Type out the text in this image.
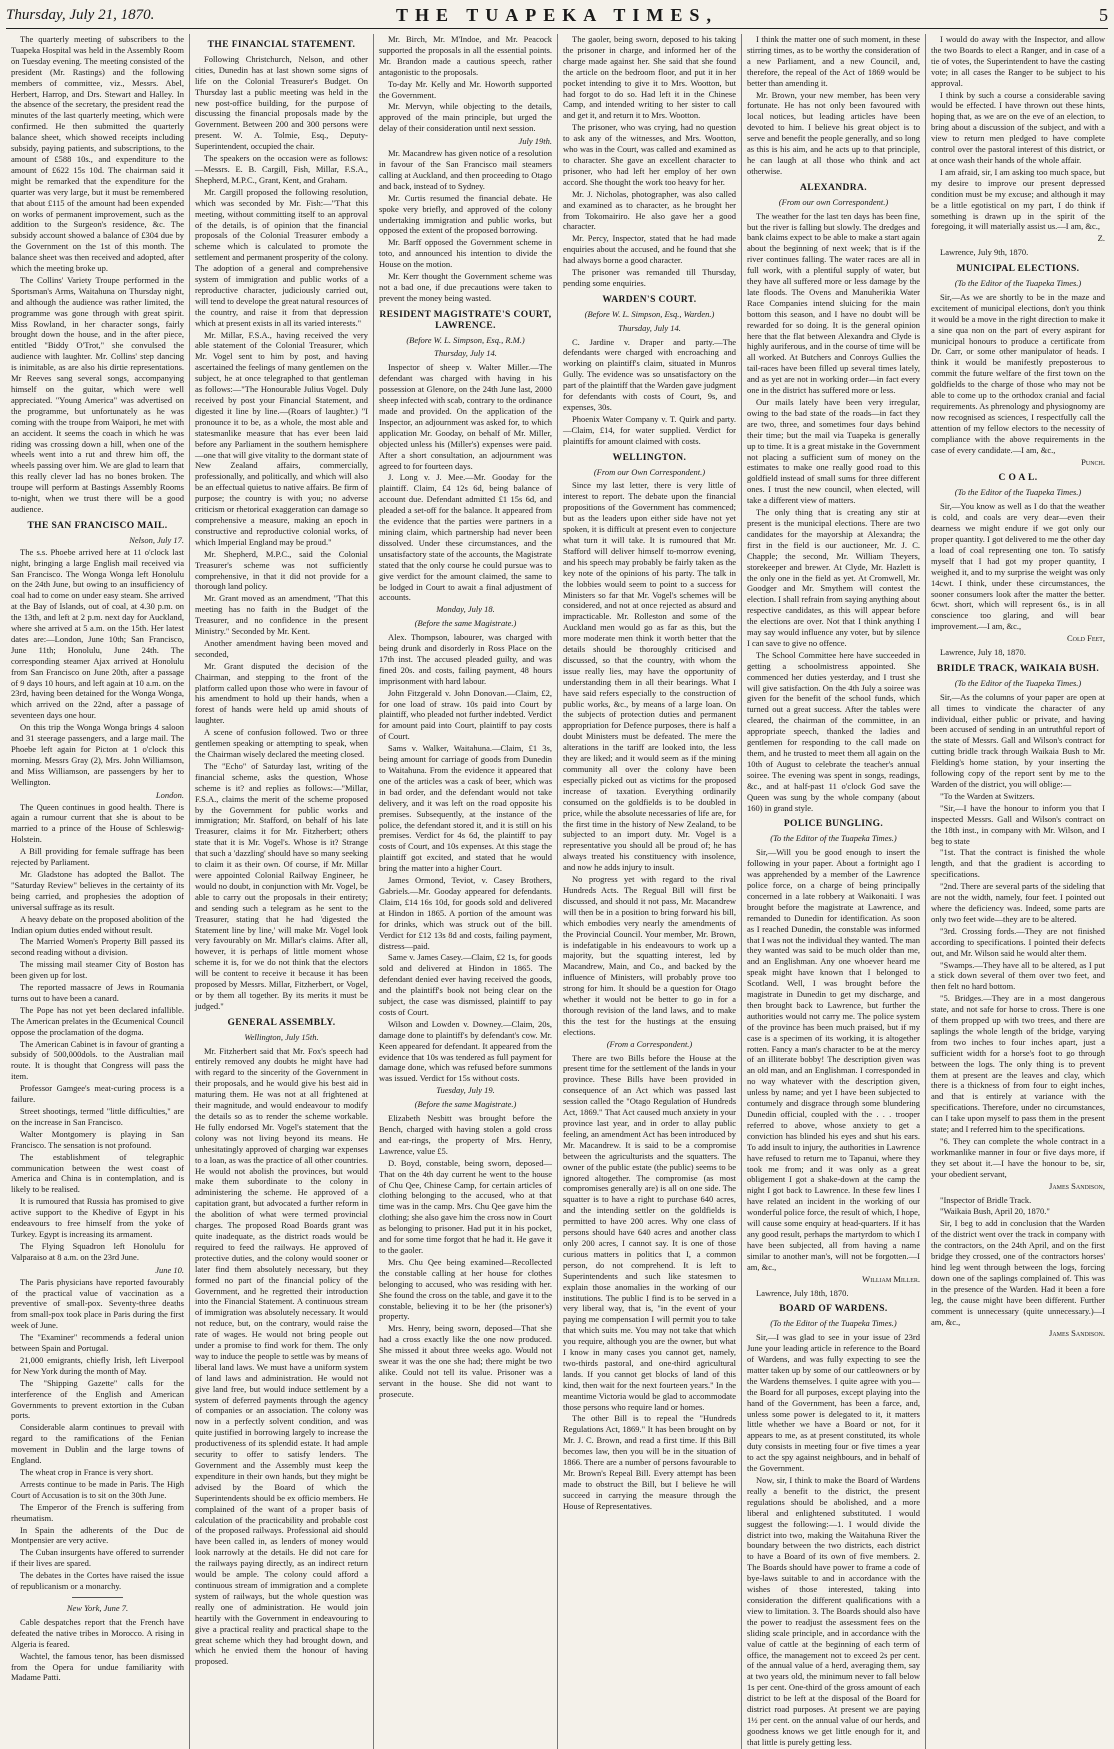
Thursday, July 21, 1870.	THE TUAPEKA TIMES,	5

The quarterly meeting of subscribers to the Tuapeka Hospital was held in the Assembly Room on Tuesday evening. The meeting consisted of the president (Mr. Rastings) and the following members of committee, viz., Messrs. Abel, Herbert, Harrop, and Drs. Stewart and Halley. In the absence of the secretary, the president read the minutes of the last quarterly meeting, which were confirmed. He then submitted the quarterly balance sheet, which showed receipts including subsidy, paying patients, and subscriptions, to the amount of £588 10s., and expenditure to the amount of £622 15s 10d. The chairman said it might be remarked that the expenditure for the quarter was very large, but it must be remembered that about £115 of the amount had been expended on works of permanent improvement, such as the addition to the Surgeon's residence, &c. The subsidy account showed a balance of £304 due by the Government on the 1st of this month. The balance sheet was then received and adopted, after which the meeting broke up.

The Collins' Variety Troupe performed in the Sportsman's Arms, Waitahuna on Thursday night, and although the audience was rather limited, the programme was gone through with great spirit. Miss Rowland, in her character songs, fairly brought down the house, and in the after piece, entitled "Biddy O'Trot," she convulsed the audience with laughter. Mr. Collins' step dancing is inimitable, as are also his dirtie representations. Mr Reeves sang several songs, accompanying himself on the guitar, which were well appreciated. "Young America" was advertised on the programme, but unfortunately as he was coming with the troupe from Waipori, he met with an accident. It seems the coach in which he was riding was crossing down a hill, when one of the wheels went into a rut and threw him off, the wheels passing over him. We are glad to learn that this really clever lad has no bones broken. The troupe will perform at Bastings Assembly Rooms to-night, when we trust there will be a good audience.

THE SAN FRANCISCO MAIL.
Nelson, July 17.

The s.s. Phoebe arrived here at 11 o'clock last night, bringing a large English mail received via San Francisco. The Wonga Wonga left Honolulu on the 24th June, but owing to an insufficiency of coal had to come on under easy steam. She arrived at the Bay of Islands, out of coal, at 4.30 p.m. on the 13th, and left at 2 p.m. next day for Auckland, where she arrived at 5 a.m. on the 15th. Her latest dates are:—London, June 10th; San Francisco, June 11th; Honolulu, June 24th. The corresponding steamer Ajax arrived at Honolulu from San Francisco on June 20th, after a passage of 9 days 10 hours, and left again at 10 a.m. on the 23rd, having been detained for the Wonga Wonga, which arrived on the 22nd, after a passage of seventeen days one hour.

On this trip the Wonga Wonga brings 4 saloon and 31 steerage passengers, and a large mail. The Phoebe left again for Picton at 1 o'clock this morning. Messrs Gray (2), Mrs. John Williamson, and Miss Williamson, are passengers by her to Wellington.

London.

The Queen continues in good health. There is again a rumour current that she is about to be married to a prince of the House of Schleswig-Holstein.

A Bill providing for female suffrage has been rejected by Parliament.

Mr. Gladstone has adopted the Ballot. The "Saturday Review" believes in the certainty of its being carried, and prophesies the adoption of universal suffrage as its result.

A heavy debate on the proposed abolition of the Indian opium duties ended without result.

The Married Women's Property Bill passed its second reading without a division.

The missing mail steamer City of Boston has been given up for lost.

The reported massacre of Jews in Roumania turns out to have been a canard.

The Pope has not yet been declared infallible. The American prelates in the Œcumenical Council oppose the proclamation of the dogma.

The American Cabinet is in favour of granting a subsidy of 500,000dols. to the Australian mail route. It is thought that Congress will pass the item.

Professor Gamgee's meat-curing process is a failure.

Street shootings, termed "little difficulties," are on the increase in San Francisco.

Walter Montgomery is playing in San Francisco. The sensation is not profound.

The establishment of telegraphic communication between the west coast of America and China is in contemplation, and is likely to be realised.

It is rumoured that Russia has promised to give active support to the Khedive of Egypt in his endeavours to free himself from the yoke of Turkey. Egypt is increasing its armament.

The Flying Squadron left Honolulu for Valparaiso at 8 a.m. on the 23rd June.

June 10.

The Paris physicians have reported favourably of the practical value of vaccination as a preventive of small-pox. Seventy-three deaths from small-pox took place in Paris during the first week of June.

The "Examiner" recommends a federal union between Spain and Portugal.

21,000 emigrants, chiefly Irish, left Liverpool for New York during the month of May.

The "Shipping Gazette" calls for the interference of the English and American Governments to prevent extortion in the Cuban ports.

Considerable alarm continues to prevail with regard to the ramifications of the Fenian movement in Dublin and the large towns of England.

The wheat crop in France is very short.

Arrests continue to be made in Paris. The High Court of Accusation is to sit on the 30th June.

The Emperor of the French is suffering from rheumatism.

In Spain the adherents of the Duc de Montpensier are very active.

The Cuban insurgents have offered to surrender if their lives are spared.

The debates in the Cortes have raised the issue of republicanism or a monarchy.

New York, June 7.

Cable despatches report that the French have defeated the native tribes in Morocco. A rising in Algeria is feared.

Wachtel, the famous tenor, has been dismissed from the Opera for undue familiarity with Madame Patti.

THE FINANCIAL STATEMENT.

Following Christchurch, Nelson, and other cities, Dunedin has at last shown some signs of life on the Colonial Treasurer's Budget. On Thursday last a public meeting was held in the new post-office building, for the purpose of discussing the financial proposals made by the Government. Between 200 and 300 persons were present. W. A. Tolmie, Esq., Deputy-Superintendent, occupied the chair.

The speakers on the occasion were as follows:—Messrs. E. B. Cargill, Fish, Millar, F.S.A., Shepherd, M.P.C., Grant, Kent, and Graham.

Mr. Cargill proposed the following resolution, which was seconded by Mr. Fish:—"That this meeting, without committing itself to an approval of the details, is of opinion that the financial proposals of the Colonial Treasurer embody a scheme which is calculated to promote the settlement and permanent prosperity of the colony. The adoption of a general and comprehensive system of immigration and public works of a reproductive character, judiciously carried out, will tend to develope the great natural resources of the country, and raise it from that depression which at present exists in all its varied interests."

Mr. Millar, F.S.A., having received the very able statement of the Colonial Treasurer, which Mr. Vogel sent to him by post, and having ascertained the feelings of many gentlemen on the subject, he at once telegraphed to that gentleman as follows:—"The Honourable Julius Vogel. Duly received by post your Financial Statement, and digested it line by line.—(Roars of laughter.) "I pronounce it to be, as a whole, the most able and statesmanlike measure that has ever been laid before any Parliament in the southern hemisphere—one that will give vitality to the dormant state of New Zealand affairs, commercially, professionally, and politically, and which will also be an effectual quietus to native affairs. Be firm of purpose; the country is with you; no adverse criticism or rhetorical exaggeration can damage so comprehensive a measure, making an epoch in constructive and reproductive colonial works, of which Imperial England may be proud."

Mr. Shepherd, M.P.C., said the Colonial Treasurer's scheme was not sufficiently comprehensive, in that it did not provide for a thorough land policy.

Mr. Grant moved as an amendment, "That this meeting has no faith in the Budget of the Treasurer, and no confidence in the present Ministry." Seconded by Mr. Kent.

Another amendment having been moved and seconded,

Mr. Grant disputed the decision of the Chairman, and stepping to the front of the platform called upon those who were in favour of his amendment to hold up their hands, when a forest of hands were held up amid shouts of laughter.

A scene of confusion followed. Two or three gentlemen speaking or attempting to speak, when the Chairman wisely declared the meeting closed.

The "Echo" of Saturday last, writing of the financial scheme, asks the question, Whose scheme is it? and replies as follows:—"Millar, F.S.A., claims the merit of the scheme proposed by the Government for public works and immigration; Mr. Stafford, on behalf of his late Treasurer, claims it for Mr. Fitzherbert; others state that it is Mr. Vogel's. Whose is it? Strange that such a 'dazzling' should have so many seeking to claim it as their own. Of course, if Mr. Millar were appointed Colonial Railway Engineer, he would no doubt, in conjunction with Mr. Vogel, be able to carry out the proposals in their entirety; and sending such a telegram as he sent to the Treasurer, stating that he had 'digested the Statement line by line,' will make Mr. Vogel look very favourably on Mr. Millar's claims. After all, however, it is perhaps of little moment whose scheme it is, for we do not think that the electors will be content to receive it because it has been proposed by Messrs. Millar, Fitzherbert, or Vogel, or by them all together. By its merits it must be judged."

GENERAL ASSEMBLY.
Wellington, July 15th.

Mr. Fitzherbert said that Mr. Fox's speech had entirely removed any doubts he might have had with regard to the sincerity of the Government in their proposals, and he would give his best aid in maturing them. He was not at all frightened at their magnitude, and would endeavour to modify the details so as to render the scheme workable. He fully endorsed Mr. Vogel's statement that the colony was not living beyond its means. He unhesitatingly approved of charging war expenses to a loan, as was the practice of all other countries. He would not abolish the provinces, but would make them subordinate to the colony in administering the scheme. He approved of a capitation grant, but advocated a further reform in the abolition of what were termed provincial charges. The proposed Road Boards grant was quite inadequate, as the district roads would be required to feed the railways. He approved of protective duties, and the colony would sooner or later find them absolutely necessary, but they formed no part of the financial policy of the Government, and he regretted their introduction into the Financial Statement. A continuous stream of immigration was absolutely necessary. It would not reduce, but, on the contrary, would raise the rate of wages. He would not bring people out under a promise to find work for them. The only way to induce the people to settle was by means of liberal land laws. We must have a uniform system of land laws and administration. He would not give land free, but would induce settlement by a system of deferred payments through the agency of companies or an association. The colony was now in a perfectly solvent condition, and was quite justified in borrowing largely to increase the productiveness of its splendid estate. It had ample security to offer to satisfy lenders. The Government and the Assembly must keep the expenditure in their own hands, but they might be advised by the Board of which the Superintendents should be ex officio members. He complained of the want of a proper basis of calculation of the practicability and probable cost of the proposed railways. Professional aid should have been called in, as lenders of money would look narrowly at the details. He did not care for the railways paying directly, as an indirect return would be ample. The colony could afford a continuous stream of immigration and a complete system of railways, but the whole question was really one of administration. He would join heartily with the Government in endeavouring to give a practical reality and practical shape to the great scheme which they had brought down, and which he envied them the honour of having proposed.

Mr. Birch, Mr. M'Indoe, and Mr. Peacock supported the proposals in all the essential points. Mr. Brandon made a cautious speech, rather antagonistic to the proposals.

To-day Mr. Kelly and Mr. Howorth supported the Government.

Mr. Mervyn, while objecting to the details, approved of the main principle, but urged the delay of their consideration until next session.

July 19th.

Mr. Macandrew has given notice of a resolution in favour of the San Francisco mail steamers calling at Auckland, and then proceeding to Otago and back, instead of to Sydney.

Mr. Curtis resumed the financial debate. He spoke very briefly, and approved of the colony undertaking immigration and public works, but opposed the extent of the proposed borrowing.

Mr. Barff opposed the Government scheme in toto, and announced his intention to divide the House on the motion.

Mr. Kerr thought the Government scheme was not a bad one, if due precautions were taken to prevent the money being wasted.

RESIDENT MAGISTRATE'S COURT, LAWRENCE.
(Before W. L. Simpson, Esq., R.M.)
Thursday, July 14.

Inspector of sheep v. Walter Miller.—The defendant was charged with having in his possession at Glenore, on the 24th June last, 2000 sheep infected with scab, contrary to the ordinance made and provided. On the application of the Inspector, an adjournment was asked for, to which application Mr. Gooday, on behalf of Mr. Miller, objected unless his (Miller's) expenses were paid. After a short consultation, an adjournment was agreed to for fourteen days.

J. Long v. J. Mee.—Mr. Gooday for the plaintiff. Claim, £4 12s 6d, being balance of account due. Defendant admitted £1 15s 6d, and pleaded a set-off for the balance. It appeared from the evidence that the parties were partners in a mining claim, which partnership had never been dissolved. Under these circumstances, and the unsatisfactory state of the accounts, the Magistrate stated that the only course he could pursue was to give verdict for the amount claimed, the same to be lodged in Court to await a final adjustment of accounts.

Monday, July 18.
(Before the same Magistrate.)

Alex. Thompson, labourer, was charged with being drunk and disorderly in Ross Place on the 17th inst. The accused pleaded guilty, and was fined 20s. and costs, failing payment, 48 hours imprisonment with hard labour.

John Fitzgerald v. John Donovan.—Claim, £2, for one load of straw. 10s paid into Court by plaintiff, who pleaded not further indebted. Verdict for amount paid into Court, plaintiff to pay costs of Court.

Sams v. Walker, Waitahuna.—Claim, £1 3s, being amount for carriage of goods from Dunedin to Waitahuna. From the evidence it appeared that one of the articles was a cask of beer, which was in bad order, and the defendant would not take delivery, and it was left on the road opposite his premises. Subsequently, at the instance of the police, the defendant stored it, and it is still on his premises. Verdict for 4s 6d, the plaintiff to pay costs of Court, and 10s expenses. At this stage the plaintiff got excited, and stated that he would bring the matter into a higher Court.

James Ormond, Teviot, v. Casey Brothers, Gabriels.—Mr. Gooday appeared for defendants. Claim, £14 16s 10d, for goods sold and delivered at Hindon in 1865. A portion of the amount was for drinks, which was struck out of the bill. Verdict for £12 13s 8d and costs, failing payment, distress—paid.

Same v. James Casey.—Claim, £2 1s, for goods sold and delivered at Hindon in 1865. The defendant denied ever having received the goods, and the plaintiff's book not being clear on the subject, the case was dismissed, plaintiff to pay costs of Court.

Wilson and Lowden v. Downey.—Claim, 20s, damage done to plaintiff's by defendant's cow. Mr. Keen appeared for defendant. It appeared from the evidence that 10s was tendered as full payment for damage done, which was refused before summons was issued. Verdict for 15s without costs.

Tuesday, July 19.
(Before the same Magistrate.)

Elizabeth Nesbitt was brought before the Bench, charged with having stolen a gold cross and ear-rings, the property of Mrs. Henry, Lawrence, value £5.

D. Boyd, constable, being sworn, deposed—That on the 4th day current he went to the house of Chu Qee, Chinese Camp, for certain articles of clothing belonging to the accused, who at that time was in the camp. Mrs. Chu Qee gave him the clothing; she also gave him the cross now in Court as belonging to prisoner. Had put it in his pocket, and for some time forgot that he had it. He gave it to the gaoler.

Mrs. Chu Qee being examined—Recollected the constable calling at her house for clothes belonging to accused, who was residing with her. She found the cross on the table, and gave it to the constable, believing it to be her (the prisoner's) property.

Mrs. Henry, being sworn, deposed—That she had a cross exactly like the one now produced. She missed it about three weeks ago. Would not swear it was the one she had; there might be two alike. Could not tell its value. Prisoner was a servant in the house. She did not want to prosecute.

The gaoler, being sworn, deposed to his taking the prisoner in charge, and informed her of the charge made against her. She said that she found the article on the bedroom floor, and put it in her pocket intending to give it to Mrs. Wootton, but had forgot to do so. Had left it in the Chinese Camp, and intended writing to her sister to call and get it, and return it to Mrs. Wootton.

The prisoner, who was crying, had no question to ask any of the witnesses, and Mrs. Wootton, who was in the Court, was called and examined as to character. She gave an excellent character to prisoner, who had left her employ of her own accord. She thought the work too heavy for her.

Mr. J. Nicholas, photographer, was also called and examined as to character, as he brought her from Tokomairiro. He also gave her a good character.

Mr. Percy, Inspector, stated that he had made enquiries about the accused, and he found that she had always borne a good character.

The prisoner was remanded till Thursday, pending some enquiries.

WARDEN'S COURT.
(Before W. L. Simpson, Esq., Warden.)
Thursday, July 14.

C. Jardine v. Draper and party.—The defendants were charged with encroaching and working on plaintiff's claim, situated in Munros Gully. The evidence was so unsatisfactory on the part of the plaintiff that the Warden gave judgment for defendants with costs of Court, 9s, and expenses, 30s.

Phoenix Water Company v. T. Quirk and party.—Claim, £14, for water supplied. Verdict for plaintiffs for amount claimed with costs.

WELLINGTON.
(From our Own Correspondent.)

Since my last letter, there is very little of interest to report. The debate upon the financial propositions of the Government has commenced; but as the leaders upon either side have not yet spoken, it is difficult at present even to conjecture what turn it will take. It is rumoured that Mr. Stafford will deliver himself to-morrow evening, and his speech may probably be fairly taken as the key note of the opinions of his party. The talk in the lobbies would seem to point to a success for Ministers so far that Mr. Vogel's schemes will be considered, and not at once rejected as absurd and impracticable. Mr. Rolleston and some of the Auckland men would go as far as this, but the more moderate men think it worth better that the details should be thoroughly criticised and discussed, so that the country, with whom the issue really lies, may have the opportunity of understanding them in all their bearings. What I have said refers especially to the construction of public works, &c., by means of a large loan. On the subjects of protection duties and permanent appropriation for Defence purposes, there is half a doubt Ministers must be defeated. The mere the alterations in the tariff are looked into, the less they are liked; and it would seem as if the mining community all over the colony have been especially picked out as victims for the proposed increase of taxation. Everything ordinarily consumed on the goldfields is to be doubled in price, while the absolute necessaries of life are, for the first time in the history of New Zealand, to be subjected to an import duty. Mr. Vogel is a representative you should all be proud of; he has always treated his constituency with insolence, and now he adds injury to insult.

No progress yet with regard to the rival Hundreds Acts. The Regual Bill will first be discussed, and should it not pass, Mr. Macandrew will then be in a position to bring forward his bill, which embodies very nearly the amendments of the Provincial Council. Your member, Mr. Brown, is indefatigable in his endeavours to work up a majority, but the squatting interest, led by Macandrew, Main, and Co., and backed by the influence of Ministers, will probably prove too strong for him. It should be a question for Otago whether it would not be better to go in for a thorough revision of the land laws, and to make this the test for the hustings at the ensuing elections.

(From a Correspondent.)

There are two Bills before the House at the present time for the settlement of the lands in your province. These Bills have been provided in consequence of an Act which was passed last session called the "Otago Regulation of Hundreds Act, 1869." That Act caused much anxiety in your province last year, and in order to allay public feeling, an amendment Act has been introduced by Mr. Macandrew. It is said to be a compromise between the agriculturists and the squatters. The owner of the public estate (the public) seems to be ignored altogether. The compromise (as most compromises generally are) is all on one side. The squatter is to have a right to purchase 640 acres, and the intending settler on the goldfields is permitted to have 200 acres. Why one class of persons should have 640 acres and another class only 200 acres, I cannot say. It is one of those curious matters in politics that I, a common person, do not comprehend. It is left to Superintendents and such like statesmen to explain those anomalies in the working of our institutions. The public I find is to be served in a very liberal way, that is, "in the event of your paying me compensation I will permit you to take that which suits me. You may not take that which you require, although you are the owner, but what I know in many cases you cannot get, namely, two-thirds pastoral, and one-third agricultural lands. If you cannot get blocks of land of this kind, then wait for the next fourteen years." In the meantime Victoria would be glad to accommodate those persons who require land or homes.

The other Bill is to repeal the "Hundreds Regulations Act, 1869." It has been brought on by Mr. J. C. Brown, and read a first time. If this Bill becomes law, then you will be in the situation of 1866. There are a number of persons favourable to Mr. Brown's Repeal Bill. Every attempt has been made to obstruct the Bill, but I believe he will succeed in carrying the measure through the House of Representatives.

I think the matter one of such moment, in these stirring times, as to be worthy the consideration of a new Parliament, and a new Council, and, therefore, the repeal of the Act of 1869 would be better than amending it.

Mr. Brown, your new member, has been very fortunate. He has not only been favoured with local notices, but leading articles have been devoted to him. I believe his great object is to serve and benefit the people generally, and so long as this is his aim, and he acts up to that principle, he can laugh at all those who think and act otherwise.

ALEXANDRA.
(From our own Correspondent.)

The weather for the last ten days has been fine, but the river is falling but slowly. The dredges and bank claims expect to be able to make a start again about the beginning of next week; that is if the river continues falling. The water races are all in full work, with a plentiful supply of water, but they have all suffered more or less damage by the late floods. The Ovens and Manuherikia Water Race Companies intend sluicing for the main bottom this season, and I have no doubt will be rewarded for so doing. It is the general opinion here that the flat between Alexandra and Clyde is highly auriferous, and in the course of time will be all worked. At Butchers and Conroys Gullies the tail-races have been filled up several times lately, and as yet are not in working order—in fact every one in the district has suffered more or less.

Our mails lately have been very irregular, owing to the bad state of the roads—in fact they are two, three, and sometimes four days behind their time; but the mail via Tuapeka is generally up to time. It is a great mistake in the Government not placing a sufficient sum of money on the estimates to make one really good road to this goldfield instead of small sums for three different ones. I trust the new council, when elected, will take a different view of matters.

The only thing that is creating any stir at present is the municipal elections. There are two candidates for the mayorship at Alexandra; the first in the field is our auctioneer, Mr. J. C. Chapple; the second, Mr. William Theyers, storekeeper and brewer. At Clyde, Mr. Hazlett is the only one in the field as yet. At Cromwell, Mr. Goodger and Mr. Smythem will contest the election. I shall refrain from saying anything about respective candidates, as this will appear before the elections are over. Not that I think anything I may say would influence any voter, but by silence I can save to give no offence.

The School Committee here have succeeded in getting a schoolmistress appointed. She commenced her duties yesterday, and I trust she will give satisfaction. On the 4th July a soiree was given for the benefit of the school funds, which turned out a great success. After the tables were cleared, the chairman of the committee, in an appropriate speech, thanked the ladies and gentlemen for responding to the call made on them, and he trusted to meet them all again on the 10th of August to celebrate the teacher's annual soiree. The evening was spent in songs, readings, &c., and at half-past 11 o'clock God save the Queen was sung by the whole company (about 160) in grand style.

POLICE BUNGLING.
(To the Editor of the Tuapeka Times.)

Sir,—Will you be good enough to insert the following in your paper. About a fortnight ago I was apprehended by a member of the Lawrence police force, on a charge of being principally concerned in a late robbery at Waikonaiti. I was brought before the magistrate at Lawrence, and remanded to Dunedin for identification. As soon as I reached Dunedin, the constable was informed that I was not the individual they wanted. The man they wanted was said to be much older than me, and an Englishman. Any one whoever heard me speak might have known that I belonged to Scotland. Well, I was brought before the magistrate in Dunedin to get my discharge, and then brought back to Lawrence, but further the authorities would not carry me. The police system of the province has been much praised, but if my case is a specimen of its working, it is altogether rotten. Fancy a man's character to be at the mercy of an illiterate bobby! The description given was an old man, and an Englishman. I corresponded in no way whatever with the description given, unless by name; and yet I have been subjected to contumely and disgrace through some blundering Dunedin official, coupled with the . . . trooper referred to above, whose anxiety to get a conviction has blinded his eyes and shut his ears. To add insult to injury, the authorities in Lawrence have refused to return me to Tapanui, where they took me from; and it was only as a great obligement I got a shake-down at the camp the night I got back to Lawrence. In these few lines I have related an incident in the working of our wonderful police force, the result of which, I hope, will cause some enquiry at head-quarters. If it has any good result, perhaps the martyrdom to which I have been subjected, all from having a name similar to another man's, will not be forgotten.—I am, &c.,

William Miller.

Lawrence, July 18th, 1870.

BOARD OF WARDENS.
(To the Editor of the Tuapeka Times.)

Sir,—I was glad to see in your issue of 23rd June your leading article in reference to the Board of Wardens, and was fully expecting to see the matter taken up by some of our cattleowners or by the Wardens themselves. I quite agree with you—the Board for all purposes, except playing into the hand of the Government, has been a farce, and, unless some power is delegated to it, it matters little whether we have a Board or not, for it appears to me, as at present constituted, its whole duty consists in meeting four or five times a year to act the spy against neighbours, and in behalf of the Government.

Now, sir, I think to make the Board of Wardens really a benefit to the district, the present regulations should be abolished, and a more liberal and enlightened substituted. I would suggest the following:—1. I would divide the district into two, making the Waitahuna River the boundary between the two districts, each district to have a Board of its own of five members. 2. The Boards should have power to frame a code of bye-laws suitable to and in accordance with the wishes of those interested, taking into consideration the different qualifications with a view to limitation. 3. The Boards should also have the power to readjust the assessment fees on the sliding scale principle, and in accordance with the value of cattle at the beginning of each term of office, the management not to exceed 2s per cent. of the annual value of a herd, averaging them, say at two years old, the minimum never to fall below 1s per cent. One-third of the gross amount of each district to be left at the disposal of the Board for district road purposes. At present we are paying 1½ per cent. on the annual value of our herds, and goodness knows we get little enough for it, and that little is purely getting less.

I would do away with the Inspector, and allow the two Boards to elect a Ranger, and in case of a tie of votes, the Superintendent to have the casting vote; in all cases the Ranger to be subject to his approval.

I think by such a course a considerable saving would be effected. I have thrown out these hints, hoping that, as we are on the eve of an election, to bring about a discussion of the subject, and with a view to return men pledged to have complete control over the pastoral interest of this district, or at once wash their hands of the whole affair.

I am afraid, sir, I am asking too much space, but my desire to improve our present depressed condition must be my excuse; and although it may be a little egotistical on my part, I do think if something is drawn up in the spirit of the foregoing, it will materially assist us.—I am, &c.,

Z.

Lawrence, July 9th, 1870.

MUNICIPAL ELECTIONS.
(To the Editor of the Tuapeka Times.)

Sir,—As we are shortly to be in the maze and excitement of municipal elections, don't you think it would be a move in the right direction to make it a sine qua non on the part of every aspirant for municipal honours to produce a certificate from Dr. Carr, or some other manipulator of heads. I think it would be manifestly preposterous to commit the future welfare of the first town on the goldfields to the charge of those who may not be able to come up to the orthodox cranial and facial requirements. As phrenology and physiognomy are now recognised as sciences, I respectfully call the attention of my fellow electors to the necessity of compliance with the above requirements in the case of every candidate.—I am, &c.,

Punch.
C O A L.
(To the Editor of the Tuapeka Times.)

Sir,—You know as well as I do that the weather is cold, and coals are very dear—even their dearness we might endure if we got only our proper quantity. I got delivered to me the other day a load of coal representing one ton. To satisfy myself that I had got my proper quantity, I weighed it, and to my surprise the weight was only 14cwt. I think, under these circumstances, the sooner consumers look after the matter the better. 6cwt. short, which will represent 6s., is in all conscience too glaring, and will bear improvement.—I am, &c.,

Cold Feet,

Lawrence, July 18, 1870.

BRIDLE TRACK, WAIKAIA BUSH.
(To the Editor of the Tuapeka Times.)

Sir,—As the columns of your paper are open at all times to vindicate the character of any individual, either public or private, and having been accused of sending in an untruthful report of the state of Messrs. Gall and Wilson's contract for cutting bridle track through Waikaia Bush to Mr. Fielding's home station, by your inserting the following copy of the report sent by me to the Warden of the district, you will oblige:—

"To the Warden at Switzers.

"Sir,—I have the honour to inform you that I inspected Messrs. Gall and Wilson's contract on the 18th inst., in company with Mr. Wilson, and I beg to state

"1st. That the contract is finished the whole length, and that the gradient is according to specifications.

"2nd. There are several parts of the sideling that are not the width, namely, four feet. I pointed out where the deficiency was. Indeed, some parts are only two feet wide—they are to be altered.

"3rd. Crossing fords.—They are not finished according to specifications. I pointed their defects out, and Mr. Wilson said he would alter them.

"Swamps.—They have all to be altered, as I put a stick down several of them over two feet, and then felt no hard bottom.

"5. Bridges.—They are in a most dangerous state, and not safe for horse to cross. There is one of them propped up with two trees, and there are saplings the whole length of the bridge, varying from two inches to four inches apart, just a sufficient width for a horse's foot to go through between the logs. The only thing is to prevent them at present are the leaves and clay, which there is a thickness of from four to eight inches, and that is entirely at variance with the specifications. Therefore, under no circumstances, can I take upon myself to pass them in the present state; and I referred him to the specifications.

"6. They can complete the whole contract in a workmanlike manner in four or five days more, if they set about it.—I have the honour to be, sir, your obedient servant,

James Sandison,

"Inspector of Bridle Track.

"Waikaia Bush, April 20, 1870."

Sir, I beg to add in conclusion that the Warden of the district went over the track in company with the contractors, on the 24th April, and on the first bridge they crossed, one of the contractors horses' hind leg went through between the logs, forcing down one of the saplings complained of. This was in the presence of the Warden. Had it been a fore leg, the cause might have been different. Further comment is unnecessary (quite unnecessary.)—I am, &c.,

James Sandison.
